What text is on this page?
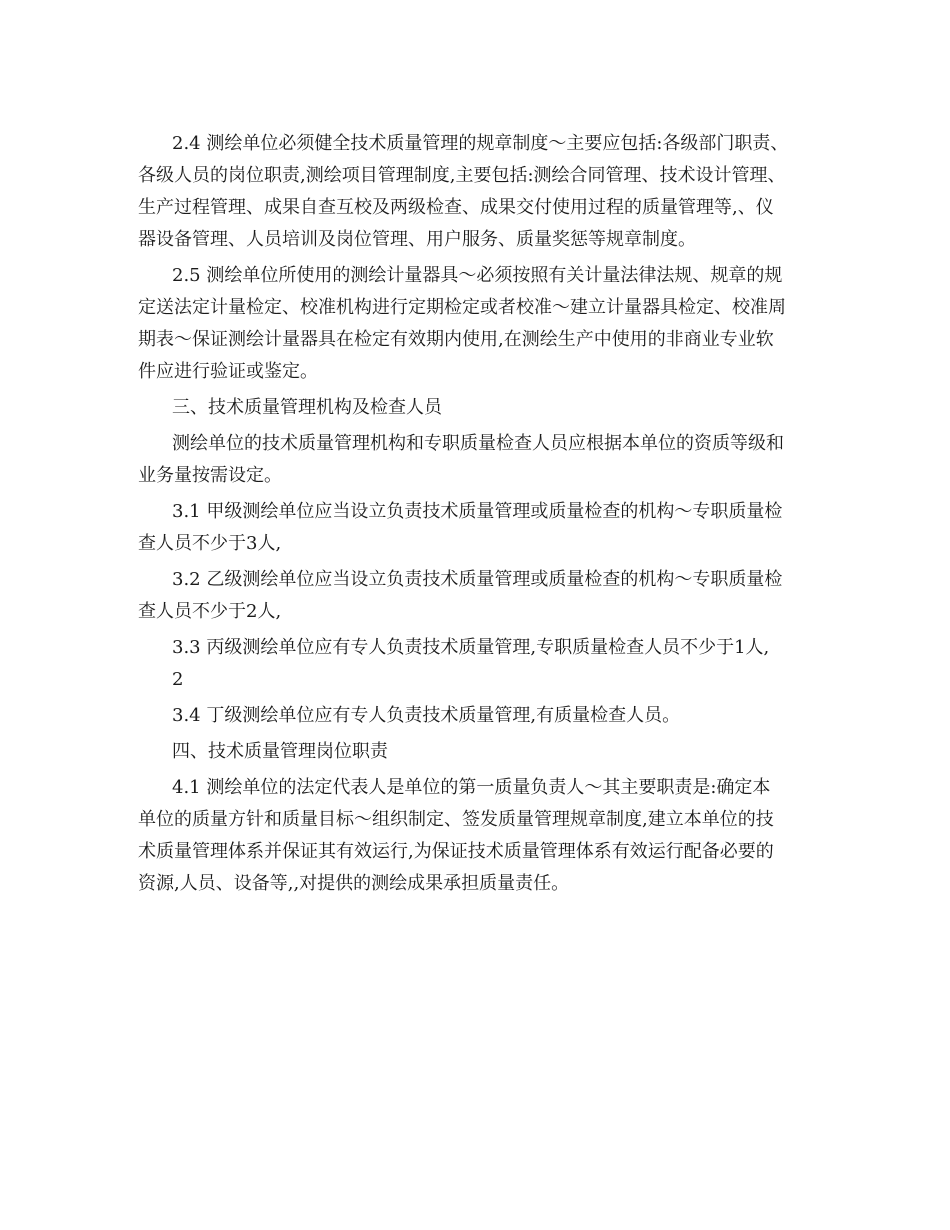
2.4 测绘单位必须健全技术质量管理的规章制度～主要应包括:各级部门职责、
各级人员的岗位职责,测绘项目管理制度,主要包括:测绘合同管理、技术设计管理、
生产过程管理、成果自查互校及两级检查、成果交付使用过程的质量管理等,、仪
器设备管理、人员培训及岗位管理、用户服务、质量奖惩等规章制度。
2.5 测绘单位所使用的测绘计量器具～必须按照有关计量法律法规、规章的规
定送法定计量检定、校准机构进行定期检定或者校准～建立计量器具检定、校准周
期表～保证测绘计量器具在检定有效期内使用,在测绘生产中使用的非商业专业软
件应进行验证或鉴定。
三、技术质量管理机构及检查人员
测绘单位的技术质量管理机构和专职质量检查人员应根据本单位的资质等级和
业务量按需设定。
3.1 甲级测绘单位应当设立负责技术质量管理或质量检查的机构～专职质量检
查人员不少于3人,
3.2 乙级测绘单位应当设立负责技术质量管理或质量检查的机构～专职质量检
查人员不少于2人,
3.3 丙级测绘单位应有专人负责技术质量管理,专职质量检查人员不少于1人,
2
3.4 丁级测绘单位应有专人负责技术质量管理,有质量检查人员。
四、技术质量管理岗位职责
4.1 测绘单位的法定代表人是单位的第一质量负责人～其主要职责是:确定本
单位的质量方针和质量目标～组织制定、签发质量管理规章制度,建立本单位的技
术质量管理体系并保证其有效运行,为保证技术质量管理体系有效运行配备必要的
资源,人员、设备等,,对提供的测绘成果承担质量责任。
